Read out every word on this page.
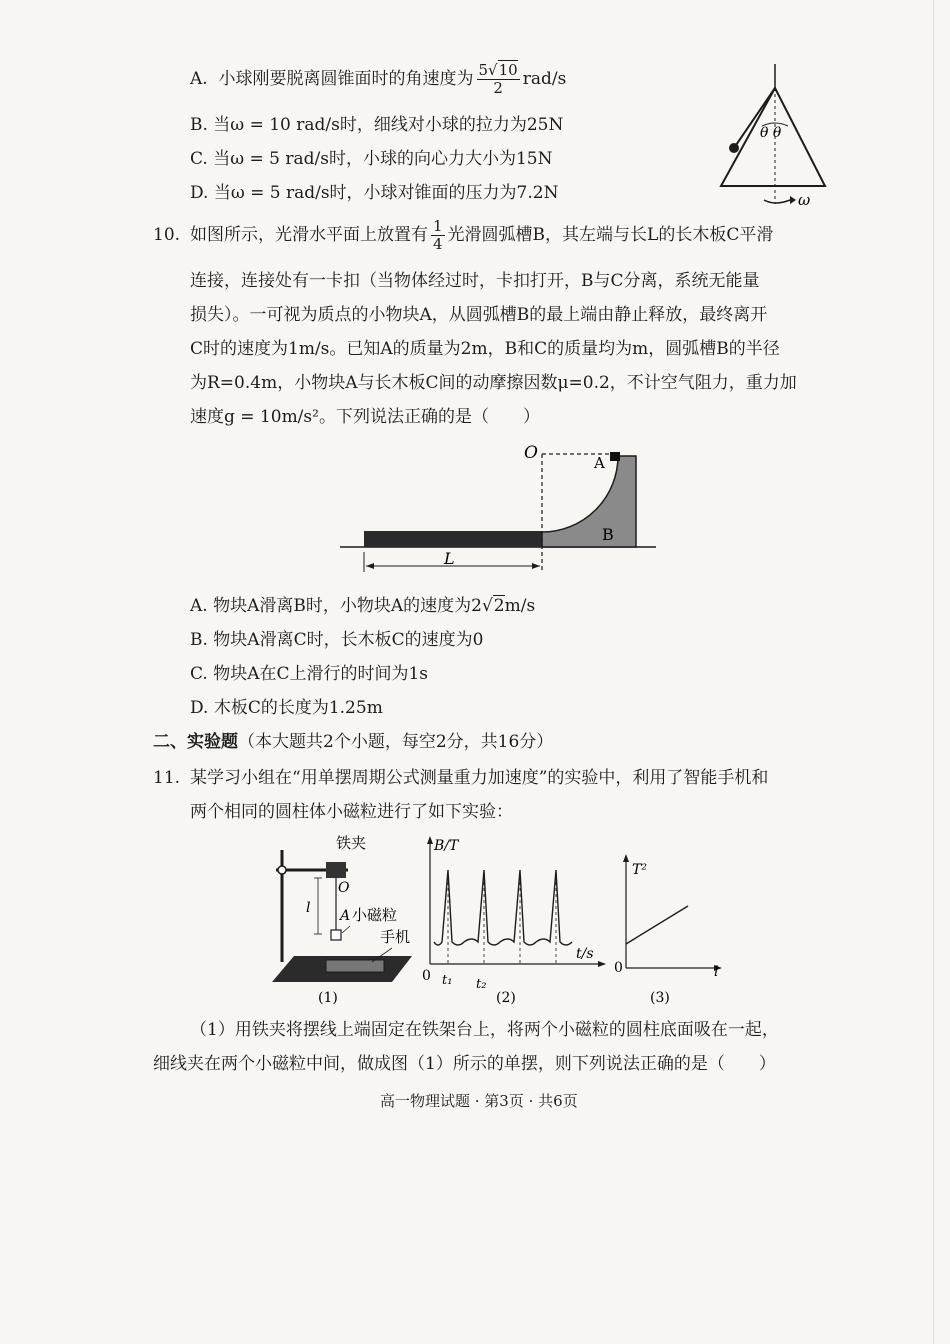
A. 小球刚要脱离圆锥面时的角速度为 $\frac{5√10}{2} rad/s$
B. 当ω = 10 rad/s时，细线对小球的拉力为25N
C. 当ω = 5 rad/s时，小球的向心力大小为15N
D. 当ω = 5 rad/s时，小球对锥面的压力为7.2N
θ θ
ω
10. 如图所示，光滑水平面上放置有 $\frac{1}{4}$ 光滑圆弧槽B，其左端与长L的长木板C平滑
连接，连接处有一卡扣（当物体经过时，卡扣打开，B与C分离，系统无能量
损失）。一可视为质点的小物块A，从圆弧槽B的最上端由静止释放，最终离开
C时的速度为1m/s。已知A的质量为2m，B和C的质量均为m，圆弧槽B的半径
为R=0.4m，小物块A与长木板C间的动摩擦因数μ=0.2，不计空气阻力，重力加
速度g = 10m/s²。下列说法正确的是（　　）
O	A
B
L
A. 物块A滑离B时，小物块A的速度为2√2m/s
B. 物块A滑离C时，长木板C的速度为0
C. 物块A在C上滑行的时间为1s
D. 木板C的长度为1.25m
二、实验题（本大题共2个小题，每空2分，共16分）
11. 某学习小组在“用单摆周期公式测量重力加速度”的实验中，利用了智能手机和
两个相同的圆柱体小磁粒进行了如下实验：
铁夹
O
l A 小磁粒
手机
(1)
B/T
t/s
0 t₁ t₂
(2)
T²
l
0
(3)
（1）用铁夹将摆线上端固定在铁架台上，将两个小磁粒的圆柱底面吸在一起，
细线夹在两个小磁粒中间，做成图（1）所示的单摆，则下列说法正确的是（　　）
高一物理试题 · 第3页 · 共6页
